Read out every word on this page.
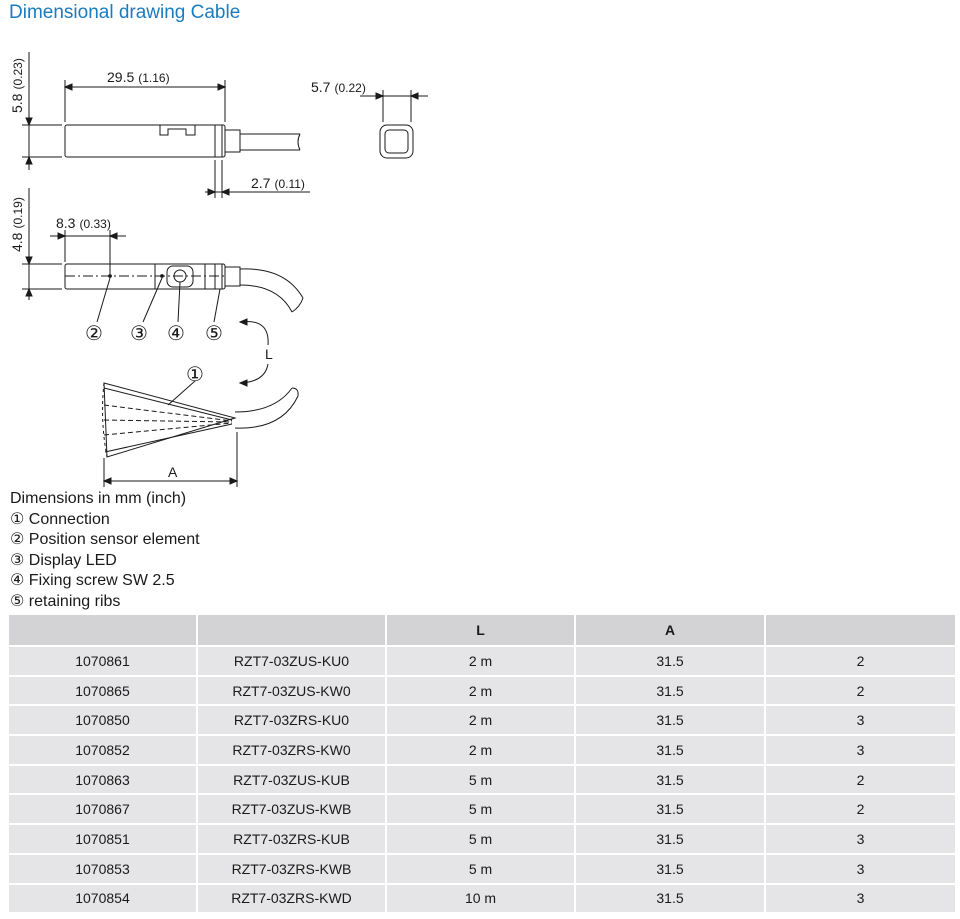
Dimensional drawing Cable
29.5 (1.16)
5.8(0.23)	5.7 (0.22)
2.7 (0.11)
4.8(0.19) 8.3 (0.33)
② ③ ④ ⑤
①
L
A
Dimensions in mm (inch)
① Connection
② Position sensor element
③ Display LED
④ Fixing screw SW 2.5
⑤ retaining ribs
		L	A	
1070861	RZT7-03ZUS-KU0	2 m	31.5	2
1070865	RZT7-03ZUS-KW0	2 m	31.5	2
1070850	RZT7-03ZRS-KU0	2 m	31.5	3
1070852	RZT7-03ZRS-KW0	2 m	31.5	3
1070863	RZT7-03ZUS-KUB	5 m	31.5	2
1070867	RZT7-03ZUS-KWB	5 m	31.5	2
1070851	RZT7-03ZRS-KUB	5 m	31.5	3
1070853	RZT7-03ZRS-KWB	5 m	31.5	3
1070854	RZT7-03ZRS-KWD	10 m	31.5	3
